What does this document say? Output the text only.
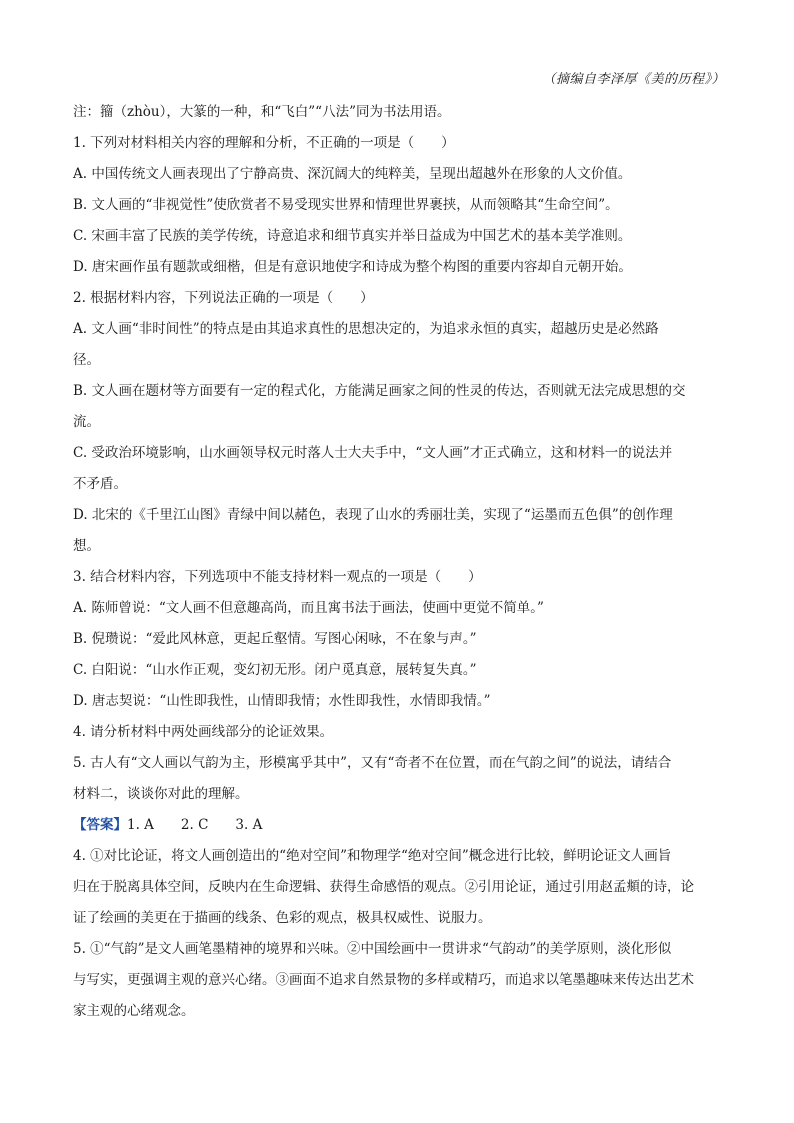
（摘编自李泽厚《美的历程》）

注：籀（zhòu），大篆的一种，和“飞白”“八法”同为书法用语。

1. 下列对材料相关内容的理解和分析，不正确的一项是（　　）

A. 中国传统文人画表现出了宁静高贵、深沉阔大的纯粹美，呈现出超越外在形象的人文价值。

B. 文人画的“非视觉性”使欣赏者不易受现实世界和情理世界裹挟，从而领略其“生命空间”。

C. 宋画丰富了民族的美学传统，诗意追求和细节真实并举日益成为中国艺术的基本美学准则。

D. 唐宋画作虽有题款或细楷，但是有意识地使字和诗成为整个构图的重要内容却自元朝开始。

2. 根据材料内容，下列说法正确的一项是（　　）

A. 文人画“非时间性”的特点是由其追求真性的思想决定的，为追求永恒的真实，超越历史是必然路

径。

B. 文人画在题材等方面要有一定的程式化，方能满足画家之间的性灵的传达，否则就无法完成思想的交

流。

C. 受政治环境影响，山水画领导权元时落人士大夫手中，“文人画”才正式确立，这和材料一的说法并

不矛盾。

D. 北宋的《千里江山图》青绿中间以赭色，表现了山水的秀丽壮美，实现了“运墨而五色俱”的创作理

想。

3. 结合材料内容，下列选项中不能支持材料一观点的一项是（　　）

A. 陈师曾说：“文人画不但意趣高尚，而且寓书法于画法，使画中更觉不简单。”

B. 倪瓒说：“爱此风林意，更起丘壑情。写图心闲咏，不在象与声。”

C. 白阳说：“山水作正观，变幻初无形。闭户觅真意，展转复失真。”

D. 唐志契说：“山性即我性，山情即我情；水性即我性，水情即我情。”

4. 请分析材料中两处画线部分的论证效果。

5. 古人有“文人画以气韵为主，形模寓乎其中”，又有“奇者不在位置，而在气韵之间”的说法，请结合

材料二，谈谈你对此的理解。

【答案】1. A　　2. C　　3. A

4. ①对比论证，将文人画创造出的“绝对空间”和物理学“绝对空间”概念进行比较，鲜明论证文人画旨

归在于脱离具体空间，反映内在生命逻辑、获得生命感悟的观点。②引用论证，通过引用赵孟頫的诗，论

证了绘画的美更在于描画的线条、色彩的观点，极具权威性、说服力。

5. ①“气韵”是文人画笔墨精神的境界和兴味。②中国绘画中一贯讲求“气韵动”的美学原则，淡化形似

与写实，更强调主观的意兴心绪。③画面不追求自然景物的多样或精巧，而追求以笔墨趣味来传达出艺术

家主观的心绪观念。
